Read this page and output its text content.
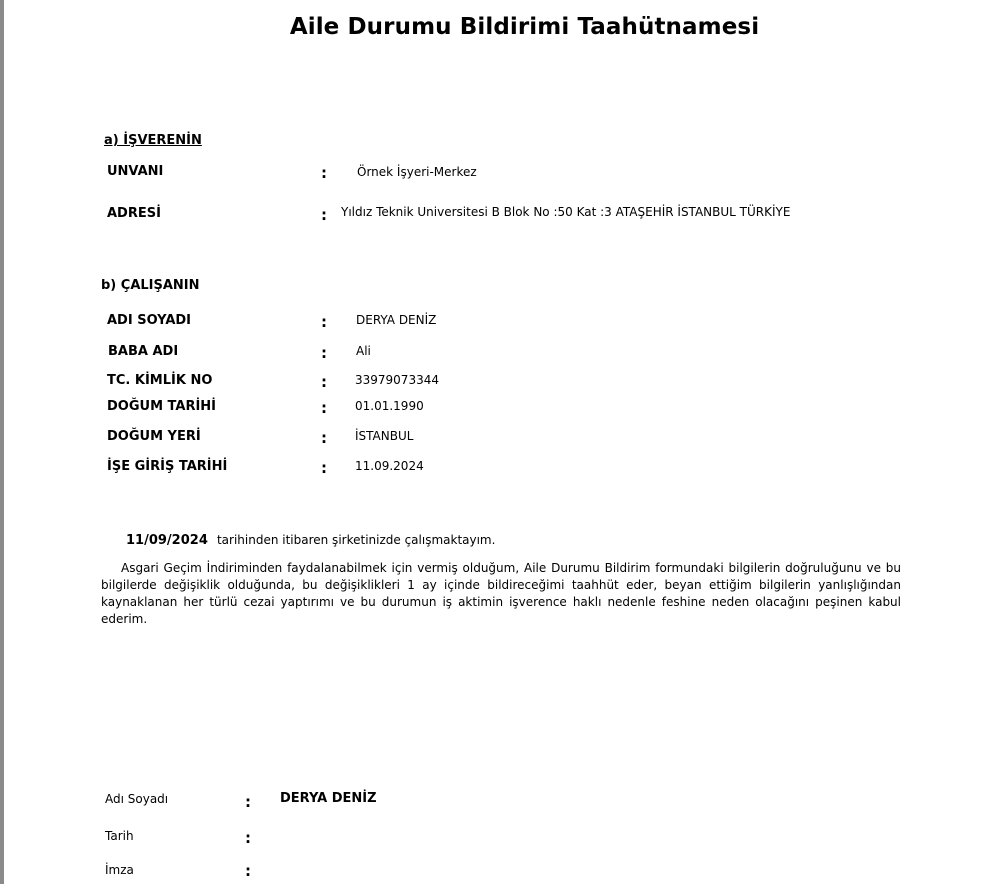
Aile Durumu Bildirimi Taahütnamesi
a) İŞVERENİN
UNVANI	:	Örnek İşyeri-Merkez
ADRESİ	: Yıldız Teknik Universitesi B Blok No :50 Kat :3 ATAŞEHİR İSTANBUL TÜRKİYE
b) ÇALIŞANIN
ADI SOYADI	: DERYA DENİZ
BABA ADI	: Ali
TC. KİMLİK NO	: 33979073344
DOĞUM TARİHİ	: 01.01.1990
DOĞUM YERİ	: İSTANBUL
İŞE GİRİŞ TARİHİ	: 11.09.2024
11/09/2024 tarihinden itibaren şirketinizde çalışmaktayım.
Asgari Geçim İndiriminden faydalanabilmek için vermiş olduğum, Aile Durumu Bildirim formundaki bilgilerin doğruluğunu ve bu bilgilerde değişiklik olduğunda, bu değişiklikleri 1 ay içinde bildireceğimi taahhüt eder, beyan ettiğim bilgilerin yanlışlığından kaynaklanan her türlü cezai yaptırımı ve bu durumun iş aktimin işverence haklı nedenle feshine neden olacağını peşinen kabul ederim.
Adı Soyadı	: DERYA DENİZ
Tarih	:
İmza	:
